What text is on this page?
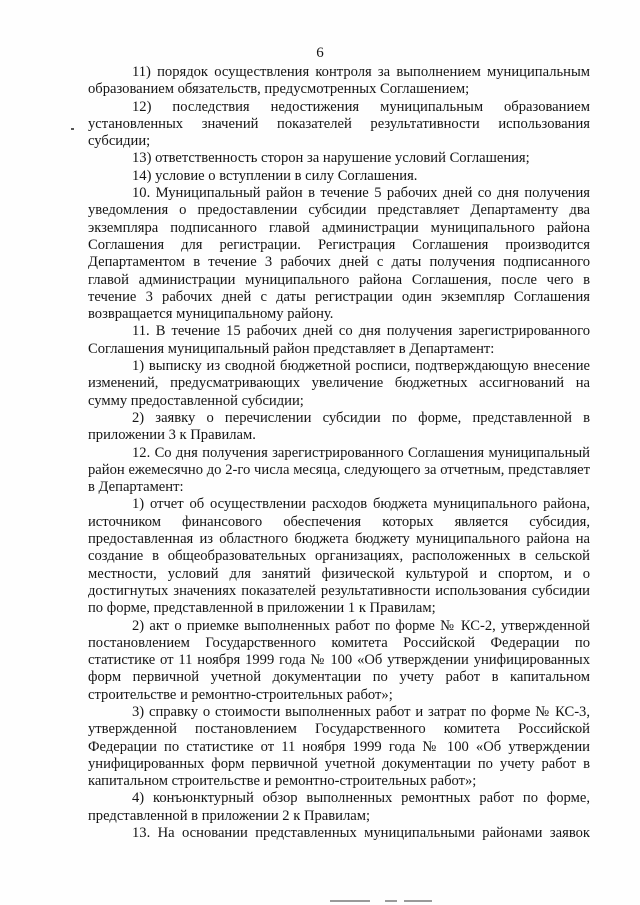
6

11) порядок осуществления контроля за выполнением муниципальным образованием обязательств, предусмотренных Соглашением;

12) последствия недостижения муниципальным образованием установленных значений показателей результативности использования субсидии;

13) ответственность сторон за нарушение условий Соглашения;

14) условие о вступлении в силу Соглашения.

10. Муниципальный район в течение 5 рабочих дней со дня получения уведомления о предоставлении субсидии представляет Департаменту два экземпляра подписанного главой администрации муниципального района Соглашения для регистрации. Регистрация Соглашения производится Департаментом в течение 3 рабочих дней с даты получения подписанного главой администрации муниципального района Соглашения, после чего в течение 3 рабочих дней с даты регистрации один экземпляр Соглашения возвращается муниципальному району.

11. В течение 15 рабочих дней со дня получения зарегистрированного Соглашения муниципальный район представляет в Департамент:

1) выписку из сводной бюджетной росписи, подтверждающую внесение изменений, предусматривающих увеличение бюджетных ассигнований на сумму предоставленной субсидии;

2) заявку о перечислении субсидии по форме, представленной в приложении 3 к Правилам.

12. Со дня получения зарегистрированного Соглашения муниципальный район ежемесячно до 2-го числа месяца, следующего за отчетным, представляет в Департамент:

1) отчет об осуществлении расходов бюджета муниципального района, источником финансового обеспечения которых является субсидия, предоставленная из областного бюджета бюджету муниципального района на создание в общеобразовательных организациях, расположенных в сельской местности, условий для занятий физической культурой и спортом, и о достигнутых значениях показателей результативности использования субсидии по форме, представленной в приложении 1 к Правилам;

2) акт о приемке выполненных работ по форме № КС-2, утвержденной постановлением Государственного комитета Российской Федерации по статистике от 11 ноября 1999 года № 100 «Об утверждении унифицированных форм первичной учетной документации по учету работ в капитальном строительстве и ремонтно-строительных работ»;

3) справку о стоимости выполненных работ и затрат по форме № КС-3, утвержденной постановлением Государственного комитета Российской Федерации по статистике от 11 ноября 1999 года № 100 «Об утверждении унифицированных форм первичной учетной документации по учету работ в капитальном строительстве и ремонтно-строительных работ»;

4) конъюнктурный обзор выполненных ремонтных работ по форме, представленной в приложении 2 к Правилам;

13. На основании представленных муниципальными районами заявок
